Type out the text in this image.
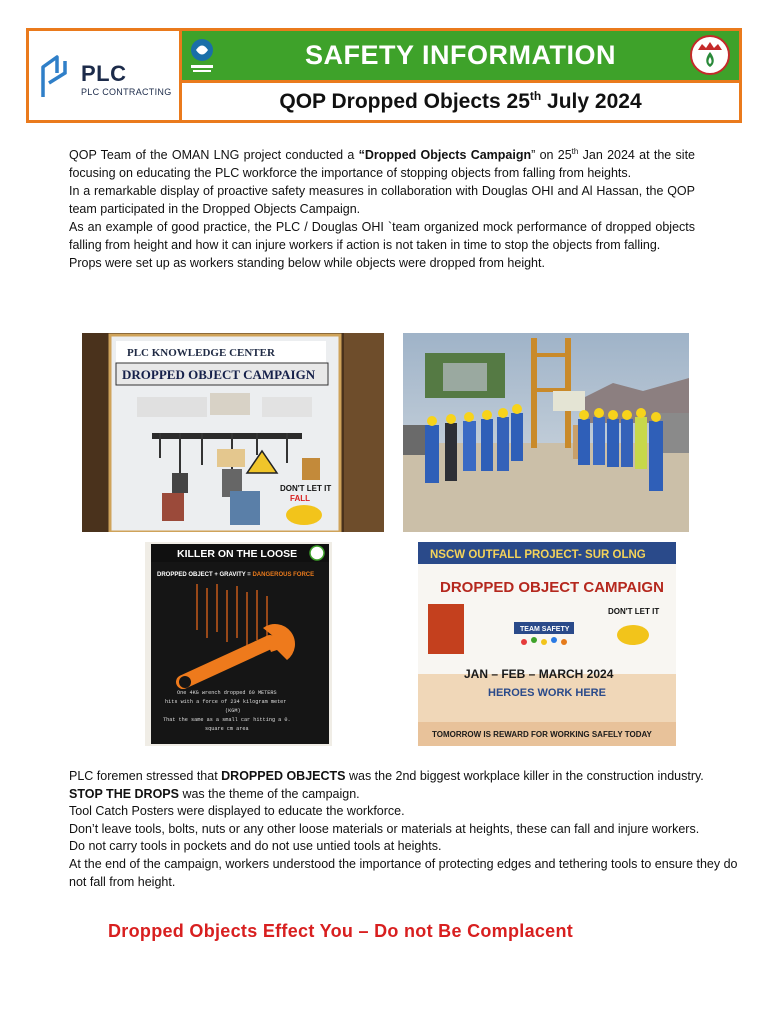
PLC
PLC CONTRACTING
SAFETY INFORMATION
QOP Dropped Objects 25th July 2024

QOP Team of the OMAN LNG project conducted a “Dropped Objects Campaign” on 25th Jan 2024 at the site focusing on educating the PLC workforce the importance of stopping objects from falling from heights.

In a remarkable display of proactive safety measures in collaboration with Douglas OHI and Al Hassan, the QOP team participated in the Dropped Objects Campaign.

As an example of good practice, the PLC / Douglas OHI `team organized mock performance of dropped objects falling from height and how it can injure workers if action is not taken in time to stop the objects from falling.

Props were set up as workers standing below while objects were dropped from height.

PLC KNOWLEDGE CENTER
DROPPED OBJECT CAMPAIGN
DON'T LET IT
FALL
KILLER ON THE LOOSE
DROPPED OBJECT + GRAVITY = DANGEROUS FORCE
One 4KG wrench dropped 60 METERS
hits with a force of 234 kilogram meter
(KGM)
That the same as a small car hitting a 0.
square cm area
NSCW OUTFALL PROJECT- SUR OLNG
DROPPED OBJECT CAMPAIGN
DON'T LET IT
TEAM SAFETY
JAN – FEB – MARCH 2024
HEROES WORK HERE
TOMORROW IS REWARD FOR WORKING SAFELY TODAY

PLC foremen stressed that DROPPED OBJECTS was the 2nd biggest workplace killer in the construction industry.

STOP THE DROPS was the theme of the campaign.

Tool Catch Posters were displayed to educate the workforce.

Don’t leave tools, bolts, nuts or any other loose materials or materials at heights, these can fall and injure workers.

Do not carry tools in pockets and do not use untied tools at heights.

At the end of the campaign, workers understood the importance of protecting edges and tethering tools to ensure they do not fall from height.

Dropped Objects Effect You – Do not Be Complacent
